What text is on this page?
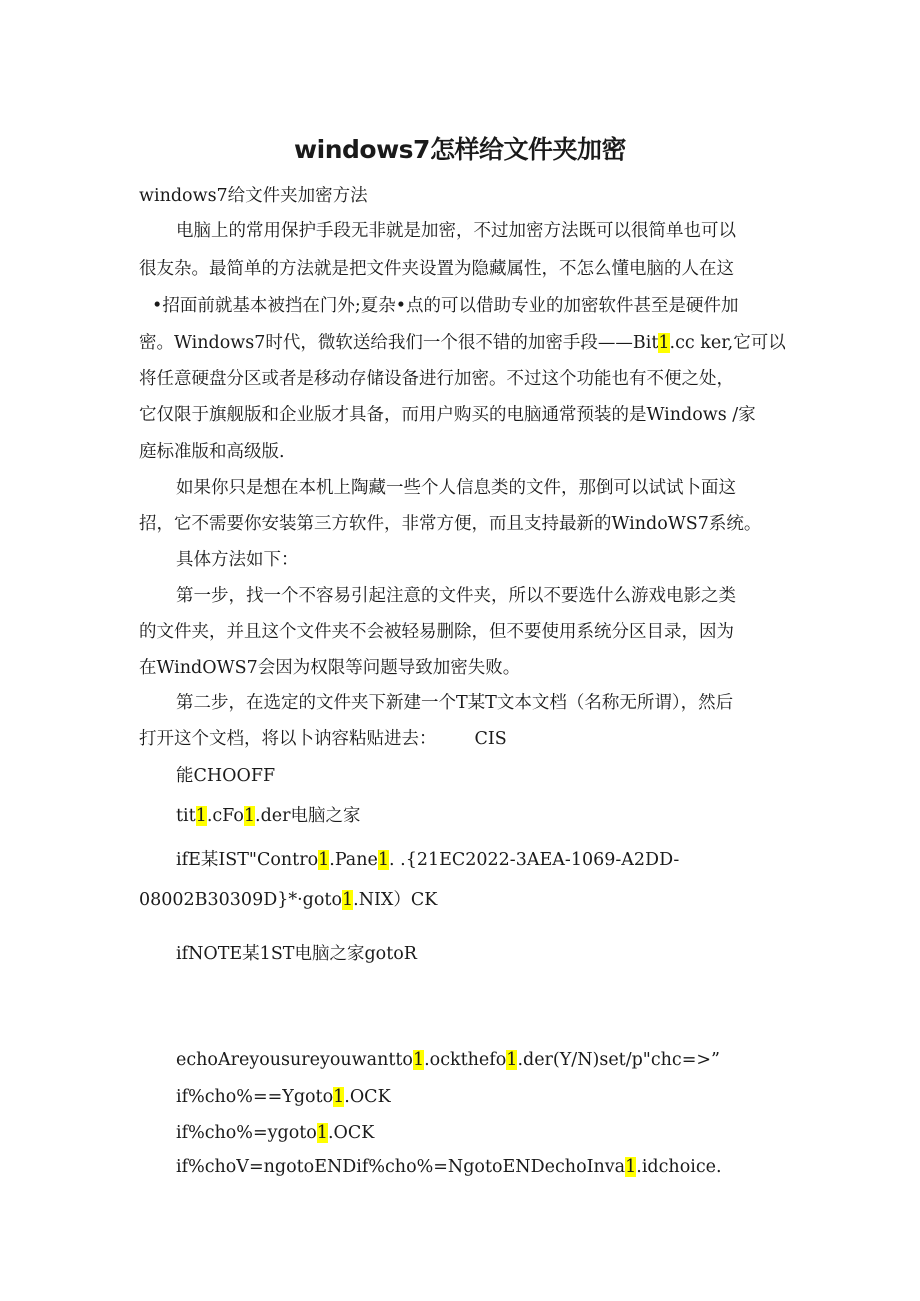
windows7怎样给文件夹加密
windows7给文件夹加密方法
电脑上的常用保护手段无非就是加密，不过加密方法既可以很简单也可以
很友杂。最简单的方法就是把文件夹设置为隐藏属性，不怎么懂电脑的人在这
•招面前就基本被挡在门外;夏杂•点的可以借助专业的加密软件甚至是硬件加
密。Windows7时代，微软送给我们一个很不错的加密手段——Bit1.cc ker,它可以
将任意硬盘分区或者是移动存储设备进行加密。不过这个功能也有不便之处，
它仅限于旗舰版和企业版才具备，而用户购买的电脑通常预装的是Windows /家
庭标准版和高级版.
如果你只是想在本机上陶藏一些个人信息类的文件，那倒可以试试卜面这
招，它不需要你安装第三方软件，非常方便，而且支持最新的WindoWS7系统。
具体方法如下：
第一步，找一个不容易引起注意的文件夹，所以不要选什么游戏电影之类
的文件夹，并且这个文件夹不会被轻易删除，但不要使用系统分区目录，因为
在WindOWS7会因为权限等问题导致加密失败。
第二步，在选定的文件夹下新建一个T某T文本文档（名称无所谓），然后
打开这个文档，将以卜讷容粘贴进去： CIS
能CHOOFF
tit1.cFo1.der电脑之家
ifE某IST"Contro1.Pane1. .{21EC2022-3AEA-1069-A2DD-
08002B30309D}*·goto1.NIX）CK
ifNOTE某1ST电脑之家gotoR
echoAreyousureyouwantto1.ockthefo1.der(Y/N)set/p"chc=>”
if%cho%==Ygoto1.OCK
if%cho%=ygoto1.OCK
if%choV=ngotoENDif%cho%=NgotoENDechoInva1.idchoice.
